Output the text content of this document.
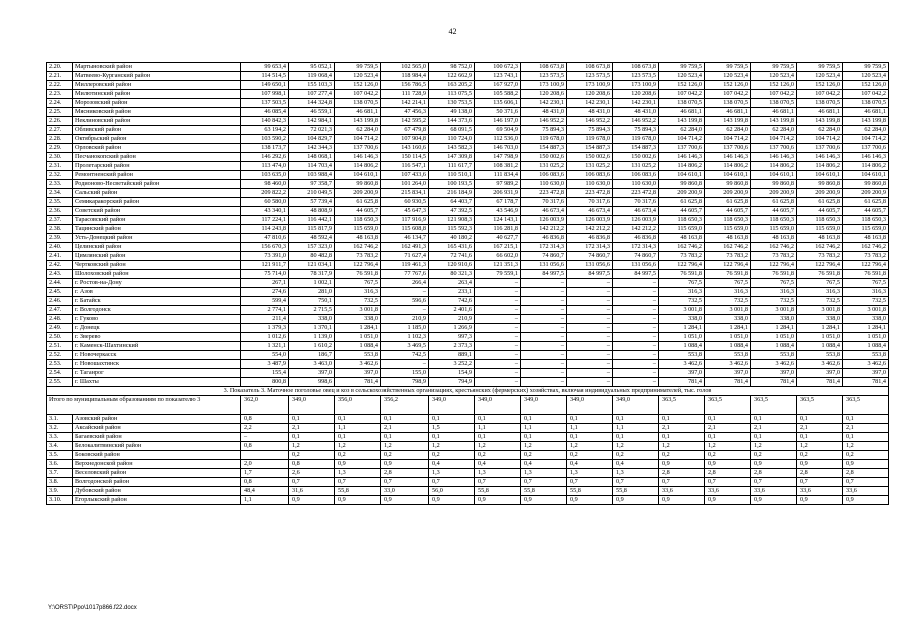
42
2.20.	Мартыновский район	99 653,4	95 052,1	99 759,5	102 565,0	98 752,0	100 672,3	108 673,8	108 673,8	108 673,8	99 759,5	99 759,5	99 759,5	99 759,5	99 759,5
2.21.	Матвеево-Курганский район	114 514,5	119 068,4	120 523,4	118 984,4	122 662,9	123 743,1	123 573,5	123 573,5	123 573,5	120 523,4	120 523,4	120 523,4	120 523,4	120 523,4
2.22.	Миллеровский район	149 650,1	155 103,3	152 126,0	156 786,5	163 205,2	167 927,0	173 100,9	173 100,9	173 100,9	152 126,0	152 126,0	152 126,0	152 126,0	152 126,0
2.23.	Милютинский район	107 998,1	107 277,4	107 042,2	111 728,9	113 075,5	105 588,2	120 208,6	120 208,6	120 208,6	107 042,2	107 042,2	107 042,2	107 042,2	107 042,2
2.24.	Морозовский район	137 503,5	144 324,8	138 070,5	142 214,1	130 753,5	135 606,1	142 230,1	142 230,1	142 230,1	138 070,5	138 070,5	138 070,5	138 070,5	138 070,5
2.25.	Мясниковский район	46 085,4	46 559,1	46 681,1	47 456,3	49 138,0	50 371,6	48 431,0	48 431,0	48 431,0	46 681,1	46 681,1	46 681,1	46 681,1	46 681,1
2.26.	Неклиновский район	140 842,3	142 984,1	143 199,8	142 595,2	144 373,6	146 197,0	146 952,2	146 952,2	146 952,2	143 199,8	143 199,8	143 199,8	143 199,8	143 199,8
2.27.	Обливский район	63 194,2	72 021,3	62 284,0	67 479,8	68 091,5	69 504,9	75 894,3	75 894,3	75 894,3	62 284,0	62 284,0	62 284,0	62 284,0	62 284,0
2.28.	Октябрьский район	103 590,2	104 829,7	104 714,2	107 904,8	110 724,0	112 536,0	119 678,0	119 678,0	119 678,0	104 714,2	104 714,2	104 714,2	104 714,2	104 714,2
2.29.	Орловский район	138 173,7	142 344,3	137 700,6	143 160,6	143 582,3	146 703,0	154 887,3	154 887,3	154 887,3	137 700,6	137 700,6	137 700,6	137 700,6	137 700,6
2.30.	Песчанокопский район	146 292,6	148 068,1	146 146,3	150 114,5	147 309,8	147 798,9	150 002,6	150 002,6	150 002,6	146 146,3	146 146,3	146 146,3	146 146,3	146 146,3
2.31.	Пролетарский район	113 474,0	114 703,4	114 806,2	116 547,1	111 617,7	108 381,2	131 025,2	131 025,2	131 025,2	114 806,2	114 806,2	114 806,2	114 806,2	114 806,2
2.32.	Ремонтненский район	103 635,0	103 988,4	104 610,1	107 433,6	110 510,1	111 834,4	106 083,6	106 083,6	106 083,6	104 610,1	104 610,1	104 610,1	104 610,1	104 610,1
2.33.	Родионово-Несветайский район	98 460,0	97 358,7	99 860,8	101 264,0	100 193,5	97 989,2	110 630,0	110 630,0	110 630,0	99 860,8	99 860,8	99 860,8	99 860,8	99 860,8
2.34.	Сальский район	209 822,2	210 049,5	209 200,9	215 834,1	216 184,9	206 931,9	223 472,8	223 472,8	223 472,8	209 200,9	209 200,9	209 200,9	209 200,9	209 200,9
2.35.	Семикаракорский район	60 580,0	57 739,4	61 625,8	60 930,5	64 403,7	67 178,7	70 317,6	70 317,6	70 317,6	61 625,8	61 625,8	61 625,8	61 625,8	61 625,8
2.36.	Советский район	43 340,1	48 808,9	44 605,7	45 647,3	47 392,5	43 546,9	46 673,4	46 673,4	46 673,4	44 605,7	44 605,7	44 605,7	44 605,7	44 605,7
2.37.	Тарасовский район	117 224,1	116 442,1	118 650,3	117 916,9	121 908,3	124 143,1	126 003,9	126 003,9	126 003,9	118 650,3	118 650,3	118 650,3	118 650,3	118 650,3
2.38.	Тацинский район	114 243,8	115 817,9	115 659,0	115 608,8	115 592,3	116 281,8	142 212,2	142 212,2	142 212,2	115 659,0	115 659,0	115 659,0	115 659,0	115 659,0
2.39.	Усть-Донецкий район	47 810,6	48 592,4	48 163,8	46 134,7	40 180,2	40 627,7	46 836,8	46 836,8	46 836,8	48 163,8	48 163,8	48 163,8	48 163,8	48 163,8
2.40.	Целинский район	156 670,3	157 323,0	162 746,2	162 491,3	165 431,6	167 215,1	172 314,3	172 314,3	172 314,3	162 746,2	162 746,2	162 746,2	162 746,2	162 746,2
2.41.	Цимлянский район	73 391,0	80 482,8	73 783,2	71 627,4	72 741,6	66 602,0	74 860,7	74 860,7	74 860,7	73 783,2	73 783,2	73 783,2	73 783,2	73 783,2
2.42.	Чертковский район	121 911,7	121 034,1	122 796,4	119 461,3	120 910,6	121 351,3	131 056,6	131 056,6	131 056,6	122 796,4	122 796,4	122 796,4	122 796,4	122 796,4
2.43.	Шолоховский район	75 714,0	78 317,9	76 591,8	77 767,6	80 321,3	79 559,1	84 997,5	84 997,5	84 997,5	76 591,8	76 591,8	76 591,8	76 591,8	76 591,8
2.44.	г. Ростов-на-Дону	267,1	1 002,1	767,5	266,4	263,4	–	–	–	–	767,5	767,5	767,5	767,5	767,5
2.45.	г. Азов	274,6	281,0	316,3	–	233,1	–	–	–	–	316,3	316,3	316,3	316,3	316,3
2.46.	г. Батайск	599,4	750,1	732,5	596,6	742,6	–	–	–	–	732,5	732,5	732,5	732,5	732,5
2.47.	г. Волгодонск	2 774,1	2 715,5	3 001,8	–	2 401,6	–	–	–	–	3 001,8	3 001,8	3 001,8	3 001,8	3 001,8
2.48.	г. Гуково	211,4	338,0	338,0	210,9	210,9	–	–	–	–	338,0	338,0	338,0	338,0	338,0
2.49.	г. Донецк	1 379,3	1 370,1	1 284,1	1 185,0	1 266,9	–	–	–	–	1 284,1	1 284,1	1 284,1	1 284,1	1 284,1
2.50.	г. Зверево	1 012,6	1 139,0	1 051,0	1 102,3	997,3	–	–	–	–	1 051,0	1 051,0	1 051,0	1 051,0	1 051,0
2.51.	г. Каменск-Шахтинский	1 321,1	1 610,2	1 088,4	3 469,5	2 373,3	–	–	–	–	1 088,4	1 088,4	1 088,4	1 088,4	1 088,4
2.52.	г. Новочеркасск	554,0	186,7	553,8	742,5	889,1	–	–	–	–	553,8	553,8	553,8	553,8	553,8
2.53.	г. Новошахтинск	3 487,9	3 463,0	3 462,6	–	3 252,2	–	–	–	–	3 462,6	3 462,6	3 462,6	3 462,6	3 462,6
2.54.	г. Таганрог	155,4	397,0	397,0	155,0	154,9	–	–	–	–	397,0	397,0	397,0	397,0	397,0
2.55.	г. Шахты	800,8	998,6	781,4	798,9	794,9	–	–	–	–	781,4	781,4	781,4	781,4	781,4
3. Показатель 3. Маточное поголовье овец и коз в сельскохозяйственных организациях, крестьянских (фермерских) хозяйствах, включая индивидуальных предпринимателей, тыс. голов															
Итого по муниципальным образованиям по показателю 3		362,0	349,0	356,0	356,2	349,0	349,0	349,0	349,0	349,0	363,5	363,5	363,5	363,5	363,5
3.1.	Азовский район	0,8	0,1	0,1	0,1	0,1	0,1	0,1	0,1	0,1	0,1	0,1	0,1	0,1	0,1
3.2.	Аксайский район	2,2	2,1	1,1	2,1	1,5	1,1	1,1	1,1	1,1	2,1	2,1	2,1	2,1	2,1
3.3.	Багаевский район	–	0,1	0,1	0,1	0,1	0,1	0,1	0,1	0,1	0,1	0,1	0,1	0,1	0,1
3.4.	Белокалитвинский район	0,8	1,2	1,2	1,2	1,2	1,2	1,2	1,2	1,2	1,2	1,2	1,2	1,2	1,2
3.5.	Боковский район		0,2	0,2	0,2	0,2	0,2	0,2	0,2	0,2	0,2	0,2	0,2	0,2	0,2
3.6.	Верхнедонской район	2,0	0,8	0,9	0,9	0,4	0,4	0,4	0,4	0,4	0,9	0,9	0,9	0,9	0,9
3.7.	Веселовский район	1,7	2,6	1,3	2,8	1,3	1,3	1,3	1,3	1,3	2,8	2,8	2,8	2,8	2,8
3.8.	Волгодонской район	0,8	0,7	0,7	0,7	0,7	0,7	0,7	0,7	0,7	0,7	0,7	0,7	0,7	0,7
3.9.	Дубовский район	48,4	31,6	55,8	33,0	56,0	55,8	55,8	55,8	55,8	33,6	33,6	33,6	33,6	33,6
3.10.	Егорлыкский район	1,1	0,9	0,9	0,9	0,9	0,9	0,9	0,9	0,9	0,9	0,9	0,9	0,9	0,9
Y:\ORST\Ppo\1017p866.f22.docx
